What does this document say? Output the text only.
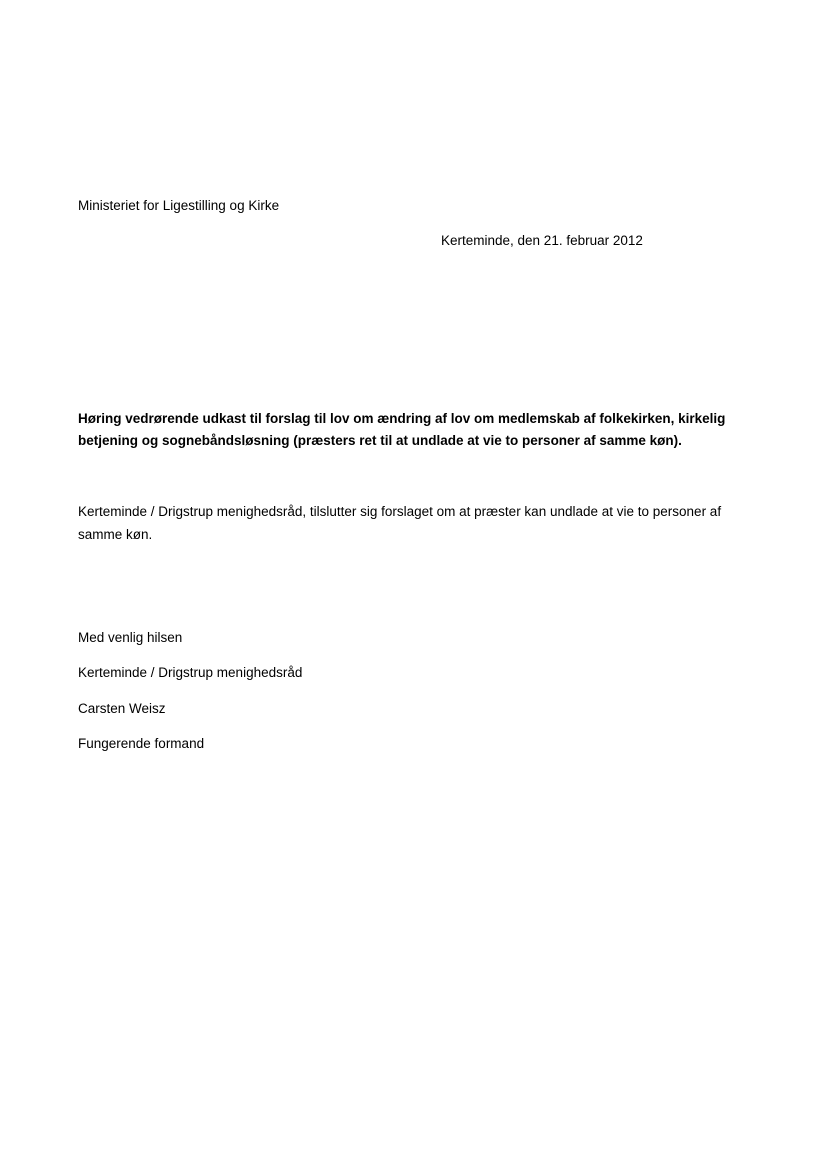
Ministeriet for Ligestilling og Kirke
Kerteminde, den 21. februar 2012
Høring vedrørende udkast til forslag til lov om ændring af lov om medlemskab af folkekirken, kirkelig betjening og sognebåndsløsning (præsters ret til at undlade at vie to personer af samme køn).
Kerteminde / Drigstrup menighedsråd, tilslutter sig forslaget om at præster kan undlade at vie to personer af samme køn.
Med venlig hilsen
Kerteminde / Drigstrup menighedsråd
Carsten Weisz
Fungerende formand
